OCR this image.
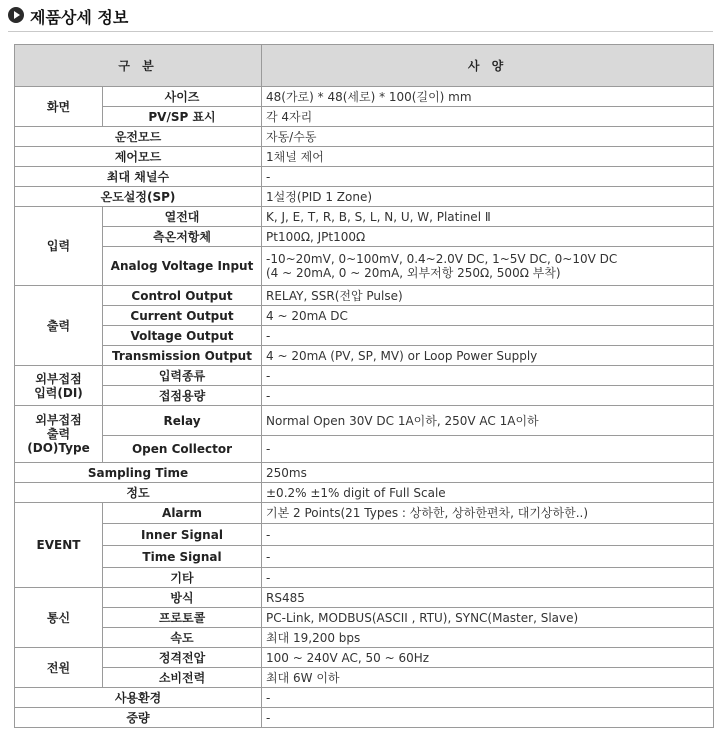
제품상세 정보
구 분		사 양
화면	사이즈	48(가로) * 48(세로) * 100(길이) mm
	PV/SP 표시	각 4자리
운전모드		자동/수동
제어모드		1채널 제어
최대 채널수		-
온도설정(SP)		1설정(PID 1 Zone)
입력	열전대	K, J, E, T, R, B, S, L, N, U, W, Platinel Ⅱ
	측온저항체	Pt100Ω, JPt100Ω
	Analog Voltage Input	-10~20mV, 0~100mV, 0.4~2.0V DC, 1~5V DC, 0~10V DC
(4 ~ 20mA, 0 ~ 20mA, 외부저항 250Ω, 500Ω 부착)

출력	Control Output	RELAY, SSR(전압 Pulse)
	Current Output	4 ~ 20mA DC
	Voltage Output	-
	Transmission Output	4 ~ 20mA (PV, SP, MV) or Loop Power Supply

외부접점
입력(DI)	입력종류	-
	접점용량	-

외부접점
출력
(DO)Type	Relay	Normal Open 30V DC 1A이하, 250V AC 1A이하
	Open Collector	-
Sampling Time		250ms
정도		±0.2% ±1% digit of Full Scale
EVENT	Alarm	기본 2 Points(21 Types : 상하한, 상하한편차, 대기상하한..)
	Inner Signal	-
	Time Signal	-
	기타	-
통신	방식	RS485
	프로토콜	PC-Link, MODBUS(ASCII , RTU), SYNC(Master, Slave)
	속도	최대 19,200 bps
전원	정격전압	100 ~ 240V AC, 50 ~ 60Hz
	소비전력	최대 6W 이하
사용환경		-
중량		-
